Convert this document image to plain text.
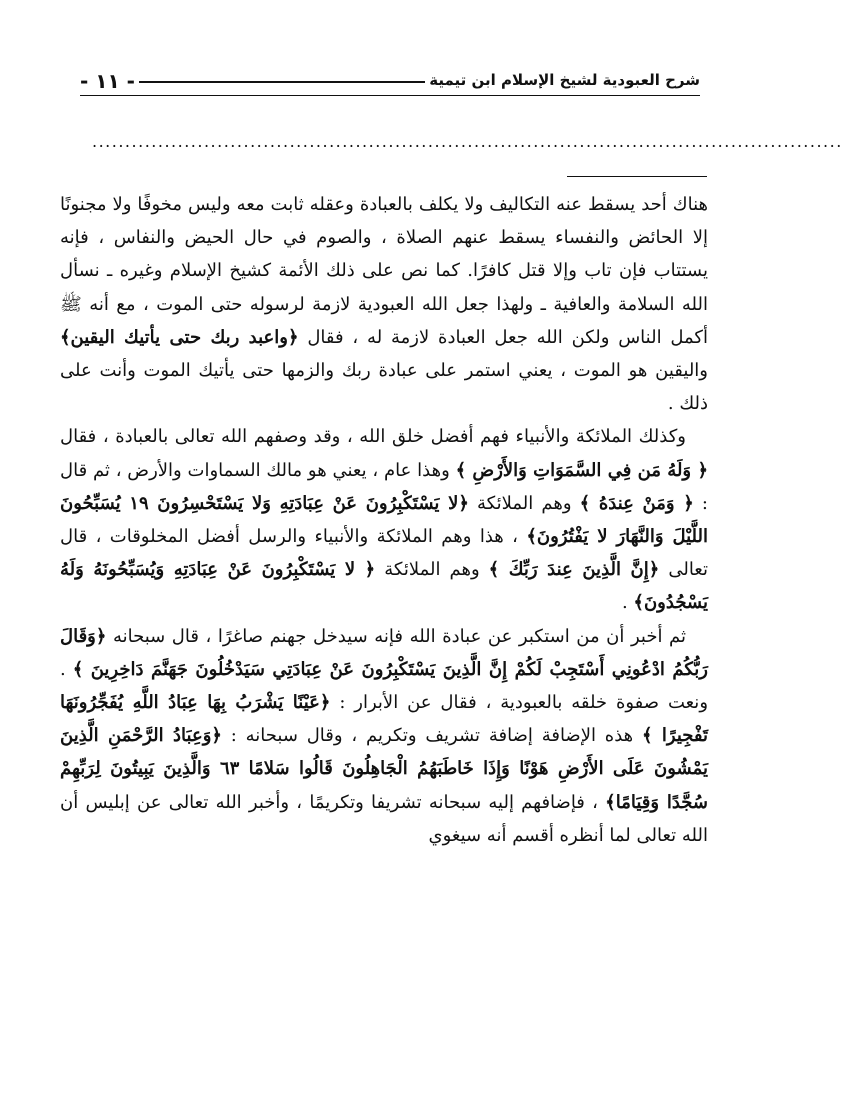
شرح العبودية لشيخ الإسلام ابن تيمية
- ١١ -
..................................................................................................................

هناك أحد يسقط عنه التكاليف ولا يكلف بالعبادة وعقله ثابت معه وليس مخوفًا ولا مجنونًا إلا الحائض والنفساء يسقط عنهم الصلاة ، والصوم في حال الحيض والنفاس ، فإنه يستتاب فإن تاب وإلا قتل كافرًا. كما نص على ذلك الأئمة كشيخ الإسلام وغيره ـ نسأل الله السلامة والعافية ـ ولهذا جعل الله العبودية لازمة لرسوله حتى الموت ، مع أنه ﷺ أكمل الناس ولكن الله جعل العبادة لازمة له ، فقال ﴿واعبد ربك حتى يأتيك اليقين﴾ واليقين هو الموت ، يعني استمر على عبادة ربك والزمها حتى يأتيك الموت وأنت على ذلك .

وكذلك الملائكة والأنبياء فهم أفضل خلق الله ، وقد وصفهم الله تعالى بالعبادة ، فقال ﴿ وَلَهُ مَن فِي السَّمَوَاتِ وَالأَرْضِ ﴾ وهذا عام ، يعني هو مالك السماوات والأرض ، ثم قال : ﴿ وَمَنْ عِندَهُ ﴾ وهم الملائكة ﴿لا يَسْتَكْبِرُونَ عَنْ عِبَادَتِهِ وَلا يَسْتَحْسِرُونَ ١٩ يُسَبِّحُونَ اللَّيْلَ وَالنَّهَارَ لا يَفْتُرُونَ﴾ ، هذا وهم الملائكة والأنبياء والرسل أفضل المخلوقات ، قال تعالى ﴿إِنَّ الَّذِينَ عِندَ رَبِّكَ ﴾ وهم الملائكة ﴿ لا يَسْتَكْبِرُونَ عَنْ عِبَادَتِهِ وَيُسَبِّحُونَهُ وَلَهُ يَسْجُدُونَ﴾ .

ثم أخبر أن من استكبر عن عبادة الله فإنه سيدخل جهنم صاغرًا ، قال سبحانه ﴿وَقَالَ رَبُّكُمُ ادْعُونِي أَسْتَجِبْ لَكُمْ إِنَّ الَّذِينَ يَسْتَكْبِرُونَ عَنْ عِبَادَتِي سَيَدْخُلُونَ جَهَنَّمَ دَاخِرِينَ ﴾ . ونعت صفوة خلقه بالعبودية ، فقال عن الأبرار : ﴿عَيْنًا يَشْرَبُ بِهَا عِبَادُ اللَّهِ يُفَجِّرُونَهَا تَفْجِيرًا ﴾ هذه الإضافة إضافة تشريف وتكريم ، وقال سبحانه : ﴿وَعِبَادُ الرَّحْمَنِ الَّذِينَ يَمْشُونَ عَلَى الأَرْضِ هَوْنًا وَإِذَا خَاطَبَهُمُ الْجَاهِلُونَ قَالُوا سَلامًا ٦٣ وَالَّذِينَ يَبِيتُونَ لِرَبِّهِمْ سُجَّدًا وَقِيَامًا﴾ ، فإضافهم إليه سبحانه تشريفا وتكريمًا ، وأخبر الله تعالى عن إبليس أن الله تعالى لما أنظره أقسم أنه سيغوي
